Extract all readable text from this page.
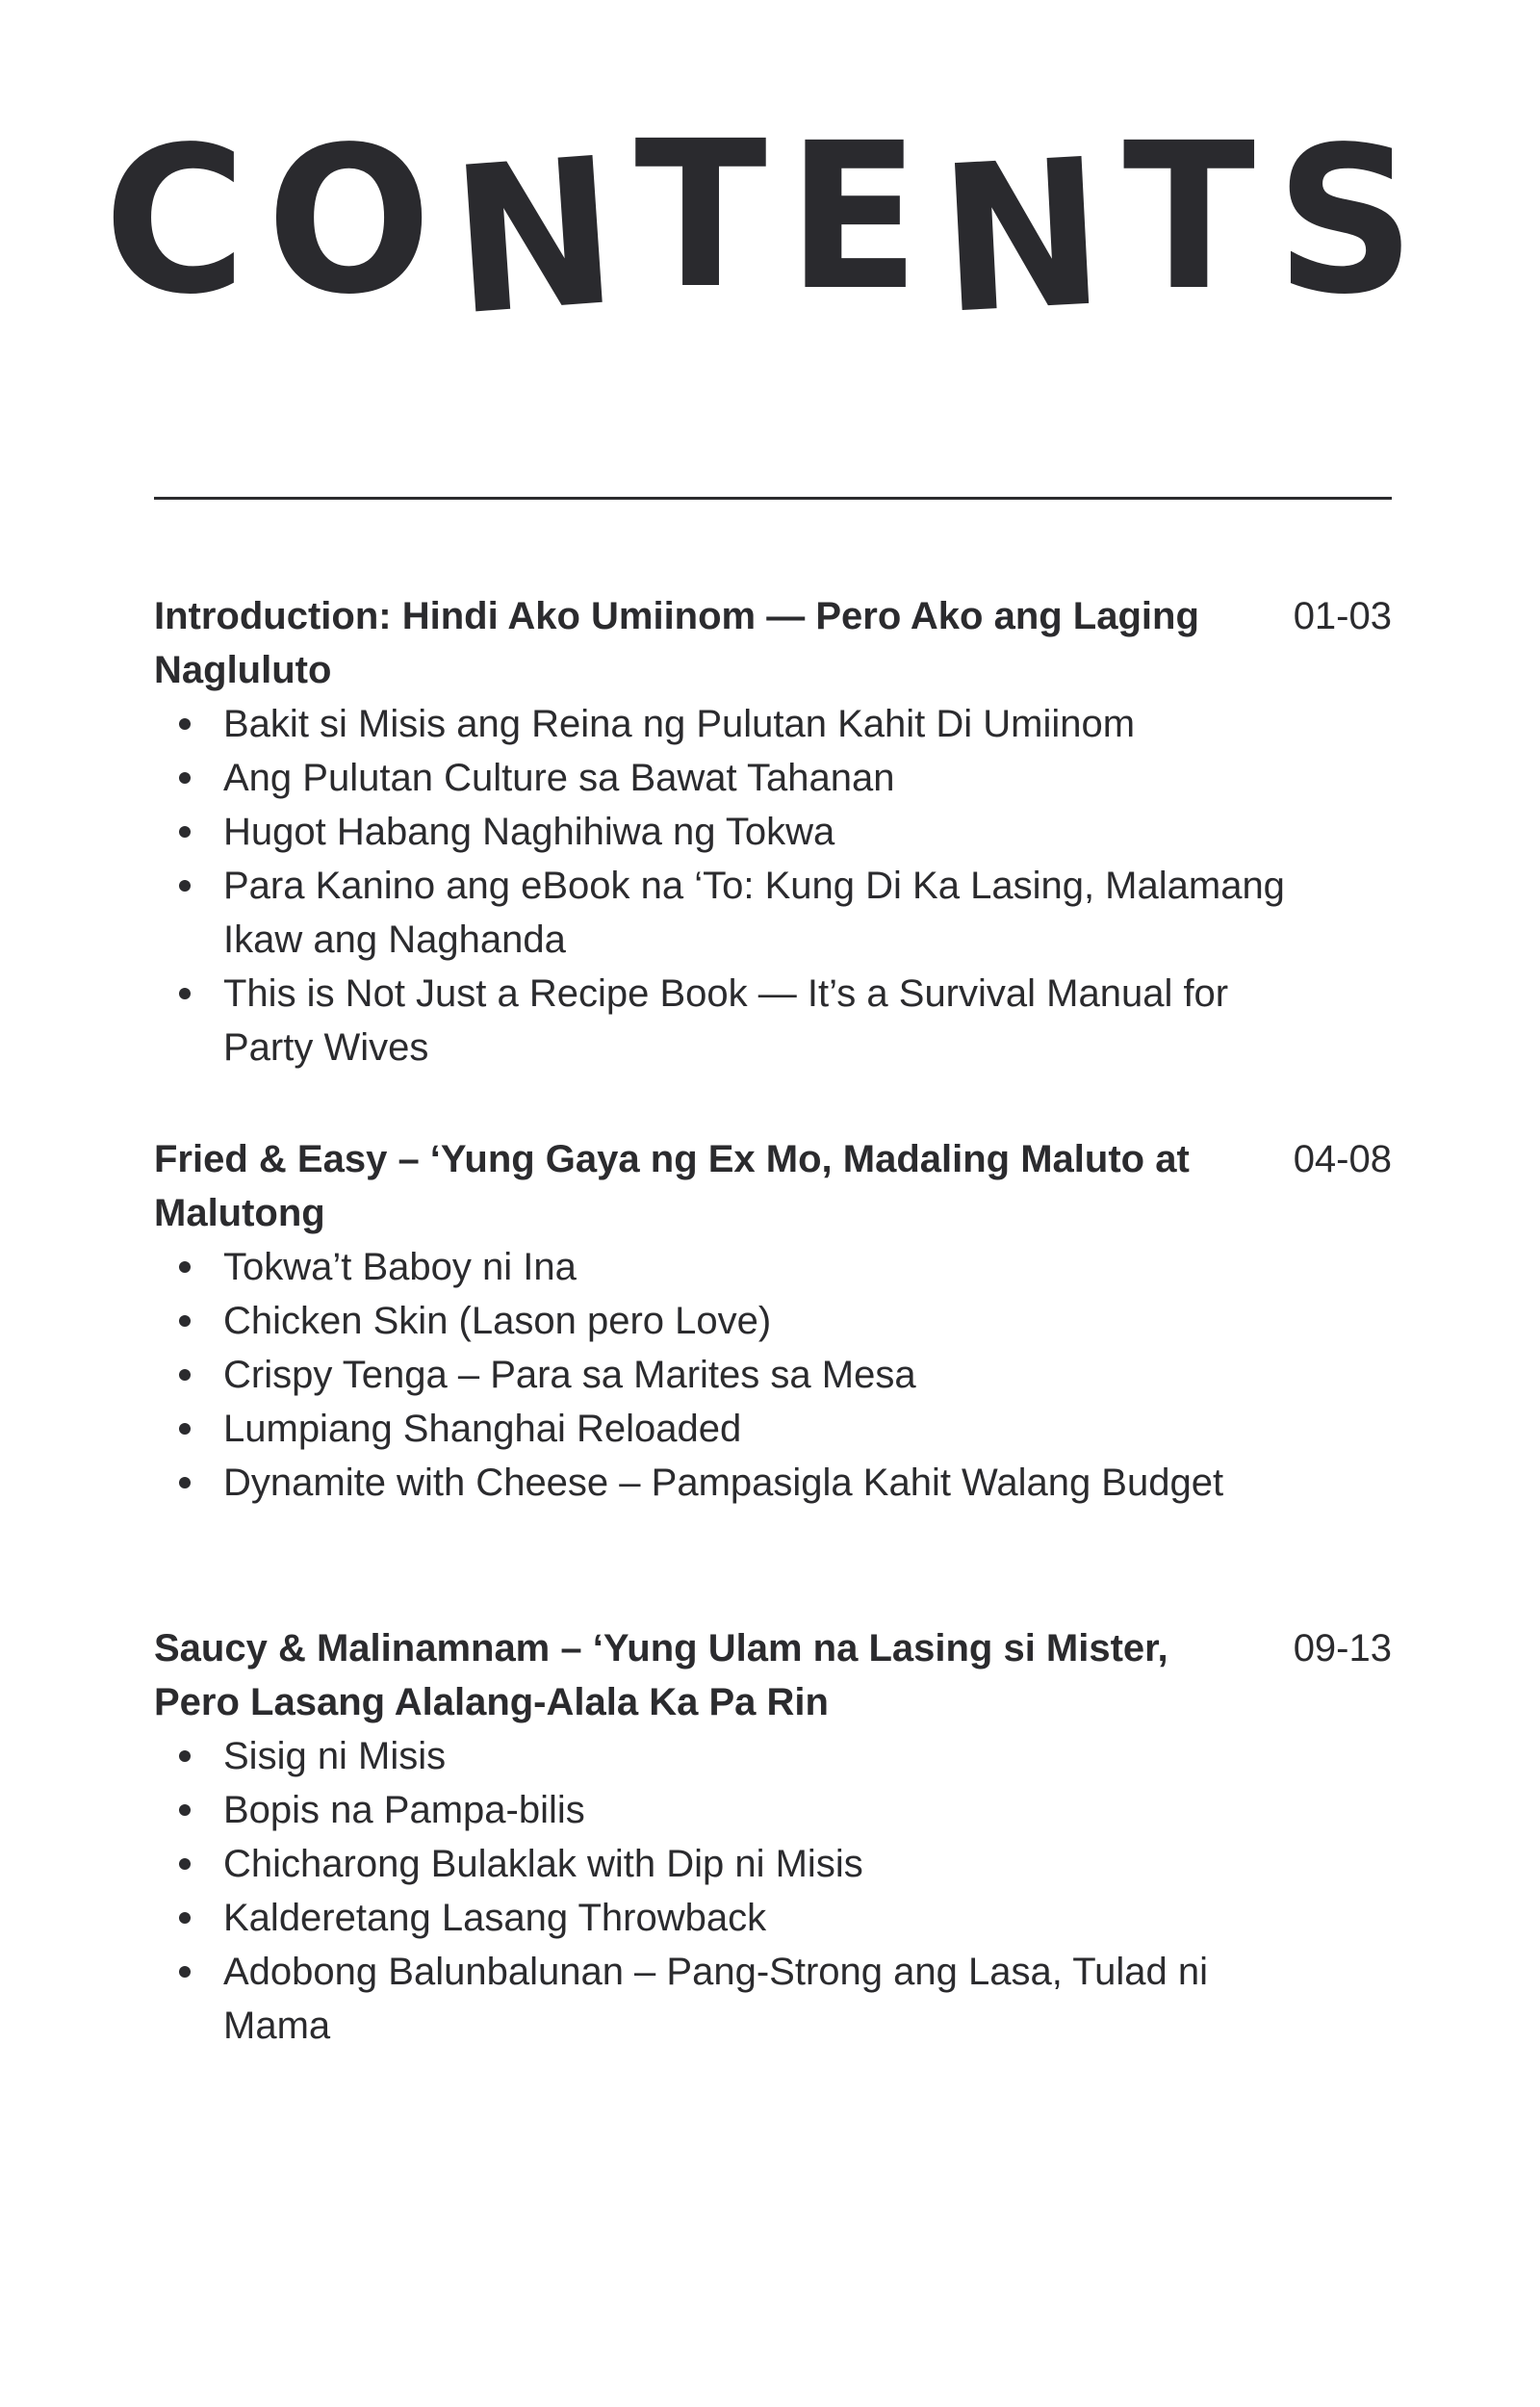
CONTENTS
Introduction: Hindi Ako Umiinom — Pero Ako ang Laging Nagluluto
01-03
Bakit si Misis ang Reina ng Pulutan Kahit Di Umiinom
Ang Pulutan Culture sa Bawat Tahanan
Hugot Habang Naghihiwa ng Tokwa
Para Kanino ang eBook na ‘To: Kung Di Ka Lasing, Malamang Ikaw ang Naghanda
This is Not Just a Recipe Book — It’s a Survival Manual for Party Wives
Fried & Easy – ‘Yung Gaya ng Ex Mo, Madaling Maluto at Malutong
04-08
Tokwa’t Baboy ni Ina
Chicken Skin (Lason pero Love)
Crispy Tenga – Para sa Marites sa Mesa
Lumpiang Shanghai Reloaded
Dynamite with Cheese – Pampasigla Kahit Walang Budget
Saucy & Malinamnam – ‘Yung Ulam na Lasing si Mister, Pero Lasang Alalang-Alala Ka Pa Rin
09-13
Sisig ni Misis
Bopis na Pampa-bilis
Chicharong Bulaklak with Dip ni Misis
Kalderetang Lasang Throwback
Adobong Balunbalunan – Pang-Strong ang Lasa, Tulad ni Mama
